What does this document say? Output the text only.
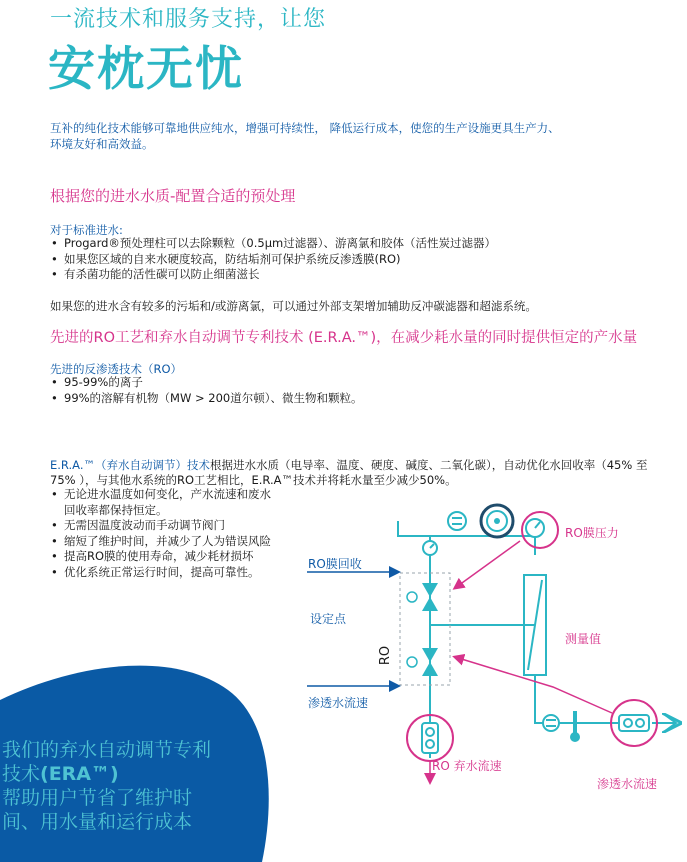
一流技术和服务支持，让您
安枕无忧
互补的纯化技术能够可靠地供应纯水，增强可持续性， 降低运行成本，使您的生产设施更具生产力、环境友好和高效益。
根据您的进水水质-配置合适的预处理
对于标准进水:
• Progard®预处理柱可以去除颗粒（0.5μm过滤器）、游离氯和胶体（活性炭过滤器）
• 如果您区域的自来水硬度较高，防结垢剂可保护系统反渗透膜(RO)
• 有杀菌功能的活性碳可以防止细菌滋长
如果您的进水含有较多的污垢和/或游离氯，可以通过外部支架增加辅助反冲碳滤器和超滤系统。
先进的RO工艺和弃水自动调节专利技术 (E.R.A.™)，在减少耗水量的同时提供恒定的产水量
先进的反渗透技术（RO）
• 95-99%的离子
• 99%的溶解有机物（MW > 200道尔顿）、微生物和颗粒。
E.R.A.™（弃水自动调节）技术根据进水水质（电导率、温度、硬度、碱度、二氧化碳），自动优化水回收率（45% 至75% ），与其他水系统的RO工艺相比，E.R.A™技术并将耗水量至少减少50%。
• 无论进水温度如何变化，产水流速和废水回收率都保持恒定。
• 无需因温度波动而手动调节阀门
• 缩短了维护时间，并减少了人为错误风险
• 提高RO膜的使用寿命，减少耗材损坏
• 优化系统正常运行时间，提高可靠性。
我们的弃水自动调节专利技术(ERA™)
帮助用户节省了维护时间、用水量和运行成本
RO膜压力
RO膜回收
设定点
测量值
RO
渗透水流速
RO 弃水流速
渗透水流速
